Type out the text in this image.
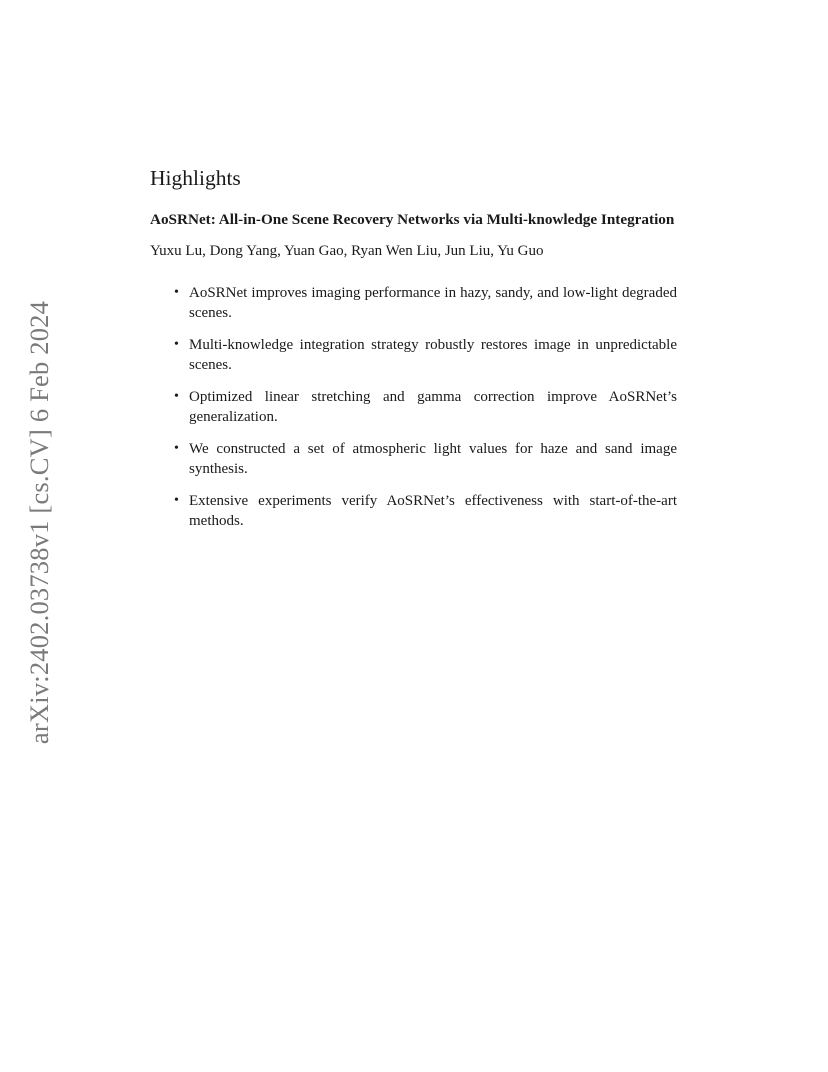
arXiv:2402.03738v1 [cs.CV] 6 Feb 2024
Highlights
AoSRNet: All-in-One Scene Recovery Networks via Multi-knowledge Integration
Yuxu Lu, Dong Yang, Yuan Gao, Ryan Wen Liu, Jun Liu, Yu Guo
• AoSRNet improves imaging performance in hazy, sandy, and low-light degraded scenes.
• Multi-knowledge integration strategy robustly restores image in unpredictable scenes.
• Optimized linear stretching and gamma correction improve AoSRNet’s generalization.
• We constructed a set of atmospheric light values for haze and sand image synthesis.
• Extensive experiments verify AoSRNet’s effectiveness with start-of-the-art methods.
